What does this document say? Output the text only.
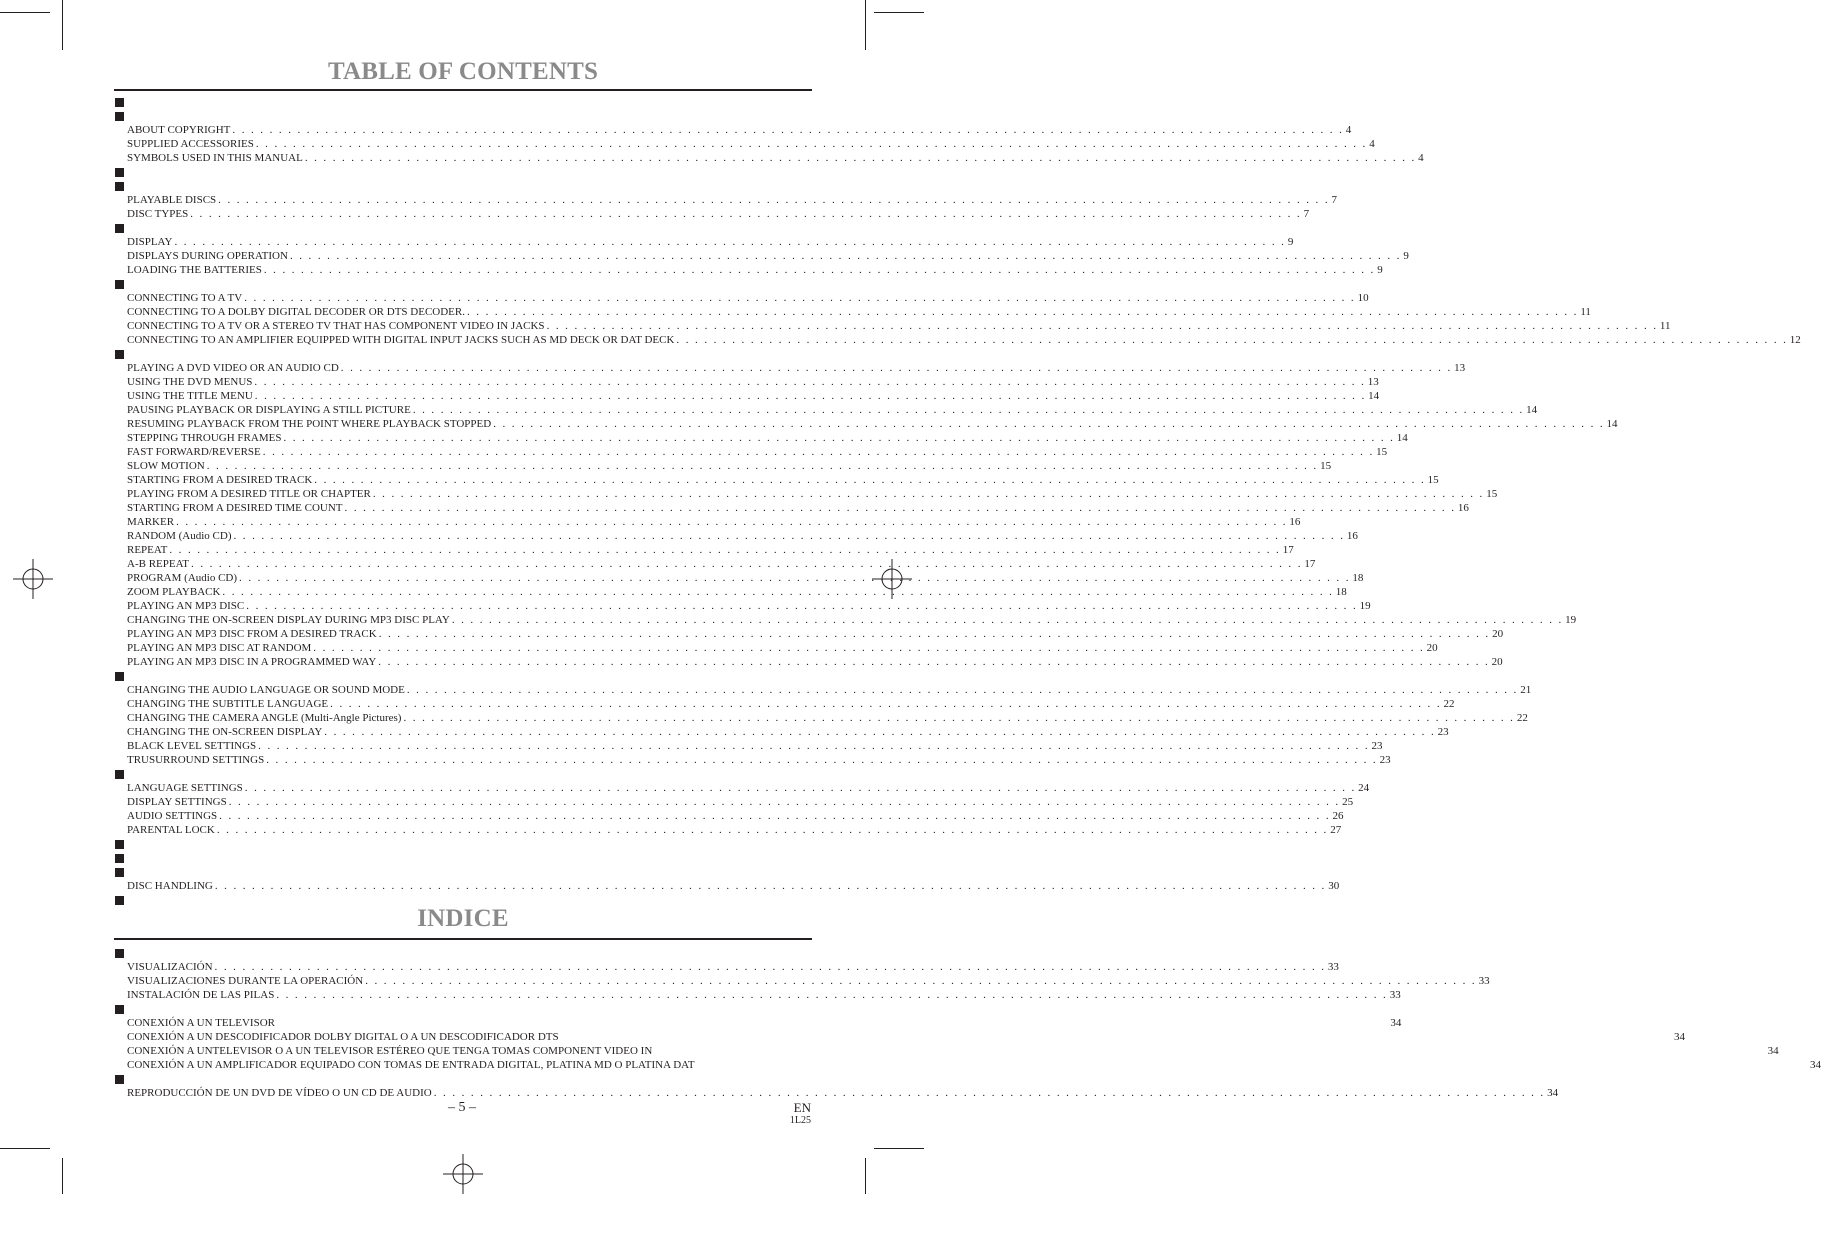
TABLE OF CONTENTS
ABOUT COPYRIGHT . . . . . . . . . . . . . . . . . . . . . . . . . . . . . . . . . . . . . . . . . . . . . . . . . . . . . . . . . . . . . . . . . . . . . . . . . . . . . . . . . . . . . . . . . . . . . . . . . . . . . . . . . . . . . . . . . . . . . . . . 4
SUPPLIED ACCESSORIES . . . . . . . . . . . . . . . . . . . . . . . . . . . . . . . . . . . . . . . . . . . . . . . . . . . . . . . . . . . . . . . . . . . . . . . . . . . . . . . . . . . . . . . . . . . . . . . . . . . . . . . . . . . . . . . . . . . . . . . . 4
SYMBOLS USED IN THIS MANUAL . . . . . . . . . . . . . . . . . . . . . . . . . . . . . . . . . . . . . . . . . . . . . . . . . . . . . . . . . . . . . . . . . . . . . . . . . . . . . . . . . . . . . . . . . . . . . . . . . . . . . . . . . . . . . . . . . . . . . . . . 4
PLAYABLE DISCS . . . . . . . . . . . . . . . . . . . . . . . . . . . . . . . . . . . . . . . . . . . . . . . . . . . . . . . . . . . . . . . . . . . . . . . . . . . . . . . . . . . . . . . . . . . . . . . . . . . . . . . . . . . . . . . . . . . . . . . . 7
DISC TYPES . . . . . . . . . . . . . . . . . . . . . . . . . . . . . . . . . . . . . . . . . . . . . . . . . . . . . . . . . . . . . . . . . . . . . . . . . . . . . . . . . . . . . . . . . . . . . . . . . . . . . . . . . . . . . . . . . . . . . . . . 7
DISPLAY . . . . . . . . . . . . . . . . . . . . . . . . . . . . . . . . . . . . . . . . . . . . . . . . . . . . . . . . . . . . . . . . . . . . . . . . . . . . . . . . . . . . . . . . . . . . . . . . . . . . . . . . . . . . . . . . . . . . . . . . 9
DISPLAYS DURING OPERATION . . . . . . . . . . . . . . . . . . . . . . . . . . . . . . . . . . . . . . . . . . . . . . . . . . . . . . . . . . . . . . . . . . . . . . . . . . . . . . . . . . . . . . . . . . . . . . . . . . . . . . . . . . . . . . . . . . . . . . . . 9
LOADING THE BATTERIES . . . . . . . . . . . . . . . . . . . . . . . . . . . . . . . . . . . . . . . . . . . . . . . . . . . . . . . . . . . . . . . . . . . . . . . . . . . . . . . . . . . . . . . . . . . . . . . . . . . . . . . . . . . . . . . . . . . . . . . . 9
CONNECTING TO A TV . . . . . . . . . . . . . . . . . . . . . . . . . . . . . . . . . . . . . . . . . . . . . . . . . . . . . . . . . . . . . . . . . . . . . . . . . . . . . . . . . . . . . . . . . . . . . . . . . . . . . . . . . . . . . . . . . . . . . . . . 10
CONNECTING TO A DOLBY DIGITAL DECODER OR DTS DECODER. . . . . . . . . . . . . . . . . . . . . . . . . . . . . . . . . . . . . . . . . . . . . . . . . . . . . . . . . . . . . . . . . . . . . . . . . . . . . . . . . . . . . . . . . . . . . . . . . . . . . . . . . . . . . . . . . . . . . . . . . 11
CONNECTING TO A TV OR A STEREO TV THAT HAS COMPONENT VIDEO IN JACKS . . . . . . . . . . . . . . . . . . . . . . . . . . . . . . . . . . . . . . . . . . . . . . . . . . . . . . . . . . . . . . . . . . . . . . . . . . . . . . . . . . . . . . . . . . . . . . . . . . . . . . . . . . . . . . . . . . . . . . . . 11
CONNECTING TO AN AMPLIFIER EQUIPPED WITH DIGITAL INPUT JACKS SUCH AS MD DECK OR DAT DECK . . . . . . . . . . . . . . . . . . . . . . . . . . . . . . . . . . . . . . . . . . . . . . . . . . . . . . . . . . . . . . . . . . . . . . . . . . . . . . . . . . . . . . . . . . . . . . . . . . . . . . . . . . . . . . . . . . . . . . . . 12
PLAYING A DVD VIDEO OR AN AUDIO CD . . . . . . . . . . . . . . . . . . . . . . . . . . . . . . . . . . . . . . . . . . . . . . . . . . . . . . . . . . . . . . . . . . . . . . . . . . . . . . . . . . . . . . . . . . . . . . . . . . . . . . . . . . . . . . . . . . . . . . . . 13
USING THE DVD MENUS . . . . . . . . . . . . . . . . . . . . . . . . . . . . . . . . . . . . . . . . . . . . . . . . . . . . . . . . . . . . . . . . . . . . . . . . . . . . . . . . . . . . . . . . . . . . . . . . . . . . . . . . . . . . . . . . . . . . . . . . 13
USING THE TITLE MENU . . . . . . . . . . . . . . . . . . . . . . . . . . . . . . . . . . . . . . . . . . . . . . . . . . . . . . . . . . . . . . . . . . . . . . . . . . . . . . . . . . . . . . . . . . . . . . . . . . . . . . . . . . . . . . . . . . . . . . . . 14
PAUSING PLAYBACK OR DISPLAYING A STILL PICTURE . . . . . . . . . . . . . . . . . . . . . . . . . . . . . . . . . . . . . . . . . . . . . . . . . . . . . . . . . . . . . . . . . . . . . . . . . . . . . . . . . . . . . . . . . . . . . . . . . . . . . . . . . . . . . . . . . . . . . . . . 14
RESUMING PLAYBACK FROM THE POINT WHERE PLAYBACK STOPPED . . . . . . . . . . . . . . . . . . . . . . . . . . . . . . . . . . . . . . . . . . . . . . . . . . . . . . . . . . . . . . . . . . . . . . . . . . . . . . . . . . . . . . . . . . . . . . . . . . . . . . . . . . . . . . . . . . . . . . . . 14
STEPPING THROUGH FRAMES . . . . . . . . . . . . . . . . . . . . . . . . . . . . . . . . . . . . . . . . . . . . . . . . . . . . . . . . . . . . . . . . . . . . . . . . . . . . . . . . . . . . . . . . . . . . . . . . . . . . . . . . . . . . . . . . . . . . . . . . 14
FAST FORWARD/REVERSE . . . . . . . . . . . . . . . . . . . . . . . . . . . . . . . . . . . . . . . . . . . . . . . . . . . . . . . . . . . . . . . . . . . . . . . . . . . . . . . . . . . . . . . . . . . . . . . . . . . . . . . . . . . . . . . . . . . . . . . . 15
SLOW MOTION . . . . . . . . . . . . . . . . . . . . . . . . . . . . . . . . . . . . . . . . . . . . . . . . . . . . . . . . . . . . . . . . . . . . . . . . . . . . . . . . . . . . . . . . . . . . . . . . . . . . . . . . . . . . . . . . . . . . . . . . 15
STARTING FROM A DESIRED TRACK . . . . . . . . . . . . . . . . . . . . . . . . . . . . . . . . . . . . . . . . . . . . . . . . . . . . . . . . . . . . . . . . . . . . . . . . . . . . . . . . . . . . . . . . . . . . . . . . . . . . . . . . . . . . . . . . . . . . . . . . 15
PLAYING FROM A DESIRED TITLE OR CHAPTER . . . . . . . . . . . . . . . . . . . . . . . . . . . . . . . . . . . . . . . . . . . . . . . . . . . . . . . . . . . . . . . . . . . . . . . . . . . . . . . . . . . . . . . . . . . . . . . . . . . . . . . . . . . . . . . . . . . . . . . . 15
STARTING FROM A DESIRED TIME COUNT . . . . . . . . . . . . . . . . . . . . . . . . . . . . . . . . . . . . . . . . . . . . . . . . . . . . . . . . . . . . . . . . . . . . . . . . . . . . . . . . . . . . . . . . . . . . . . . . . . . . . . . . . . . . . . . . . . . . . . . . 16
MARKER . . . . . . . . . . . . . . . . . . . . . . . . . . . . . . . . . . . . . . . . . . . . . . . . . . . . . . . . . . . . . . . . . . . . . . . . . . . . . . . . . . . . . . . . . . . . . . . . . . . . . . . . . . . . . . . . . . . . . . . . 16
RANDOM (Audio CD) . . . . . . . . . . . . . . . . . . . . . . . . . . . . . . . . . . . . . . . . . . . . . . . . . . . . . . . . . . . . . . . . . . . . . . . . . . . . . . . . . . . . . . . . . . . . . . . . . . . . . . . . . . . . . . . . . . . . . . . . 16
REPEAT . . . . . . . . . . . . . . . . . . . . . . . . . . . . . . . . . . . . . . . . . . . . . . . . . . . . . . . . . . . . . . . . . . . . . . . . . . . . . . . . . . . . . . . . . . . . . . . . . . . . . . . . . . . . . . . . . . . . . . . . 17
A-B REPEAT . . . . . . . . . . . . . . . . . . . . . . . . . . . . . . . . . . . . . . . . . . . . . . . . . . . . . . . . . . . . . . . . . . . . . . . . . . . . . . . . . . . . . . . . . . . . . . . . . . . . . . . . . . . . . . . . . . . . . . . . 17
PROGRAM (Audio CD) . . . . . . . . . . . . . . . . . . . . . . . . . . . . . . . . . . . . . . . . . . . . . . . . . . . . . . . . . . . . . . . . . . . . . . . . . . . . . . . . . . . . . . . . . . . . . . . . . . . . . . . . . . . . . . . . . . . . . . . . 18
ZOOM PLAYBACK . . . . . . . . . . . . . . . . . . . . . . . . . . . . . . . . . . . . . . . . . . . . . . . . . . . . . . . . . . . . . . . . . . . . . . . . . . . . . . . . . . . . . . . . . . . . . . . . . . . . . . . . . . . . . . . . . . . . . . . . 18
PLAYING AN MP3 DISC . . . . . . . . . . . . . . . . . . . . . . . . . . . . . . . . . . . . . . . . . . . . . . . . . . . . . . . . . . . . . . . . . . . . . . . . . . . . . . . . . . . . . . . . . . . . . . . . . . . . . . . . . . . . . . . . . . . . . . . . 19
CHANGING THE ON-SCREEN DISPLAY DURING MP3 DISC PLAY . . . . . . . . . . . . . . . . . . . . . . . . . . . . . . . . . . . . . . . . . . . . . . . . . . . . . . . . . . . . . . . . . . . . . . . . . . . . . . . . . . . . . . . . . . . . . . . . . . . . . . . . . . . . . . . . . . . . . . . . 19
PLAYING AN MP3 DISC FROM A DESIRED TRACK . . . . . . . . . . . . . . . . . . . . . . . . . . . . . . . . . . . . . . . . . . . . . . . . . . . . . . . . . . . . . . . . . . . . . . . . . . . . . . . . . . . . . . . . . . . . . . . . . . . . . . . . . . . . . . . . . . . . . . . . 20
PLAYING AN MP3 DISC AT RANDOM . . . . . . . . . . . . . . . . . . . . . . . . . . . . . . . . . . . . . . . . . . . . . . . . . . . . . . . . . . . . . . . . . . . . . . . . . . . . . . . . . . . . . . . . . . . . . . . . . . . . . . . . . . . . . . . . . . . . . . . . 20
PLAYING AN MP3 DISC IN A PROGRAMMED WAY . . . . . . . . . . . . . . . . . . . . . . . . . . . . . . . . . . . . . . . . . . . . . . . . . . . . . . . . . . . . . . . . . . . . . . . . . . . . . . . . . . . . . . . . . . . . . . . . . . . . . . . . . . . . . . . . . . . . . . . . 20
CHANGING THE AUDIO LANGUAGE OR SOUND MODE . . . . . . . . . . . . . . . . . . . . . . . . . . . . . . . . . . . . . . . . . . . . . . . . . . . . . . . . . . . . . . . . . . . . . . . . . . . . . . . . . . . . . . . . . . . . . . . . . . . . . . . . . . . . . . . . . . . . . . . . 21
CHANGING THE SUBTITLE LANGUAGE . . . . . . . . . . . . . . . . . . . . . . . . . . . . . . . . . . . . . . . . . . . . . . . . . . . . . . . . . . . . . . . . . . . . . . . . . . . . . . . . . . . . . . . . . . . . . . . . . . . . . . . . . . . . . . . . . . . . . . . . 22
CHANGING THE CAMERA ANGLE (Multi-Angle Pictures) . . . . . . . . . . . . . . . . . . . . . . . . . . . . . . . . . . . . . . . . . . . . . . . . . . . . . . . . . . . . . . . . . . . . . . . . . . . . . . . . . . . . . . . . . . . . . . . . . . . . . . . . . . . . . . . . . . . . . . . . 22
CHANGING THE ON-SCREEN DISPLAY . . . . . . . . . . . . . . . . . . . . . . . . . . . . . . . . . . . . . . . . . . . . . . . . . . . . . . . . . . . . . . . . . . . . . . . . . . . . . . . . . . . . . . . . . . . . . . . . . . . . . . . . . . . . . . . . . . . . . . . . 23
BLACK LEVEL SETTINGS . . . . . . . . . . . . . . . . . . . . . . . . . . . . . . . . . . . . . . . . . . . . . . . . . . . . . . . . . . . . . . . . . . . . . . . . . . . . . . . . . . . . . . . . . . . . . . . . . . . . . . . . . . . . . . . . . . . . . . . . 23
TRUSURROUND SETTINGS . . . . . . . . . . . . . . . . . . . . . . . . . . . . . . . . . . . . . . . . . . . . . . . . . . . . . . . . . . . . . . . . . . . . . . . . . . . . . . . . . . . . . . . . . . . . . . . . . . . . . . . . . . . . . . . . . . . . . . . . 23
LANGUAGE SETTINGS . . . . . . . . . . . . . . . . . . . . . . . . . . . . . . . . . . . . . . . . . . . . . . . . . . . . . . . . . . . . . . . . . . . . . . . . . . . . . . . . . . . . . . . . . . . . . . . . . . . . . . . . . . . . . . . . . . . . . . . . 24
DISPLAY SETTINGS . . . . . . . . . . . . . . . . . . . . . . . . . . . . . . . . . . . . . . . . . . . . . . . . . . . . . . . . . . . . . . . . . . . . . . . . . . . . . . . . . . . . . . . . . . . . . . . . . . . . . . . . . . . . . . . . . . . . . . . . 25
AUDIO SETTINGS . . . . . . . . . . . . . . . . . . . . . . . . . . . . . . . . . . . . . . . . . . . . . . . . . . . . . . . . . . . . . . . . . . . . . . . . . . . . . . . . . . . . . . . . . . . . . . . . . . . . . . . . . . . . . . . . . . . . . . . . 26
PARENTAL LOCK . . . . . . . . . . . . . . . . . . . . . . . . . . . . . . . . . . . . . . . . . . . . . . . . . . . . . . . . . . . . . . . . . . . . . . . . . . . . . . . . . . . . . . . . . . . . . . . . . . . . . . . . . . . . . . . . . . . . . . . . 27
DISC HANDLING . . . . . . . . . . . . . . . . . . . . . . . . . . . . . . . . . . . . . . . . . . . . . . . . . . . . . . . . . . . . . . . . . . . . . . . . . . . . . . . . . . . . . . . . . . . . . . . . . . . . . . . . . . . . . . . . . . . . . . . . 30
INDICE
VISUALIZACIÓN . . . . . . . . . . . . . . . . . . . . . . . . . . . . . . . . . . . . . . . . . . . . . . . . . . . . . . . . . . . . . . . . . . . . . . . . . . . . . . . . . . . . . . . . . . . . . . . . . . . . . . . . . . . . . . . . . . . . . . . . 33
VISUALIZACIONES DURANTE LA OPERACIÓN . . . . . . . . . . . . . . . . . . . . . . . . . . . . . . . . . . . . . . . . . . . . . . . . . . . . . . . . . . . . . . . . . . . . . . . . . . . . . . . . . . . . . . . . . . . . . . . . . . . . . . . . . . . . . . . . . . . . . . . . 33
INSTALACIÓN DE LAS PILAS . . . . . . . . . . . . . . . . . . . . . . . . . . . . . . . . . . . . . . . . . . . . . . . . . . . . . . . . . . . . . . . . . . . . . . . . . . . . . . . . . . . . . . . . . . . . . . . . . . . . . . . . . . . . . . . . . . . . . . . . 33
CONEXIÓN A UN TELEVISOR	34
CONEXIÓN A UN DESCODIFICADOR DOLBY DIGITAL O A UN DESCODIFICADOR DTS	34
CONEXIÓN A UNTELEVISOR O A UN TELEVISOR ESTÉREO QUE TENGA TOMAS COMPONENT VIDEO IN	34
CONEXIÓN A UN AMPLIFICADOR EQUIPADO CON TOMAS DE ENTRADA DIGITAL, PLATINA MD O PLATINA DAT	34
REPRODUCCIÓN DE UN DVD DE VÍDEO O UN CD DE AUDIO . . . . . . . . . . . . . . . . . . . . . . . . . . . . . . . . . . . . . . . . . . . . . . . . . . . . . . . . . . . . . . . . . . . . . . . . . . . . . . . . . . . . . . . . . . . . . . . . . . . . . . . . . . . . . . . . . . . . . . . . 34
– 5 –	EN
1L25
